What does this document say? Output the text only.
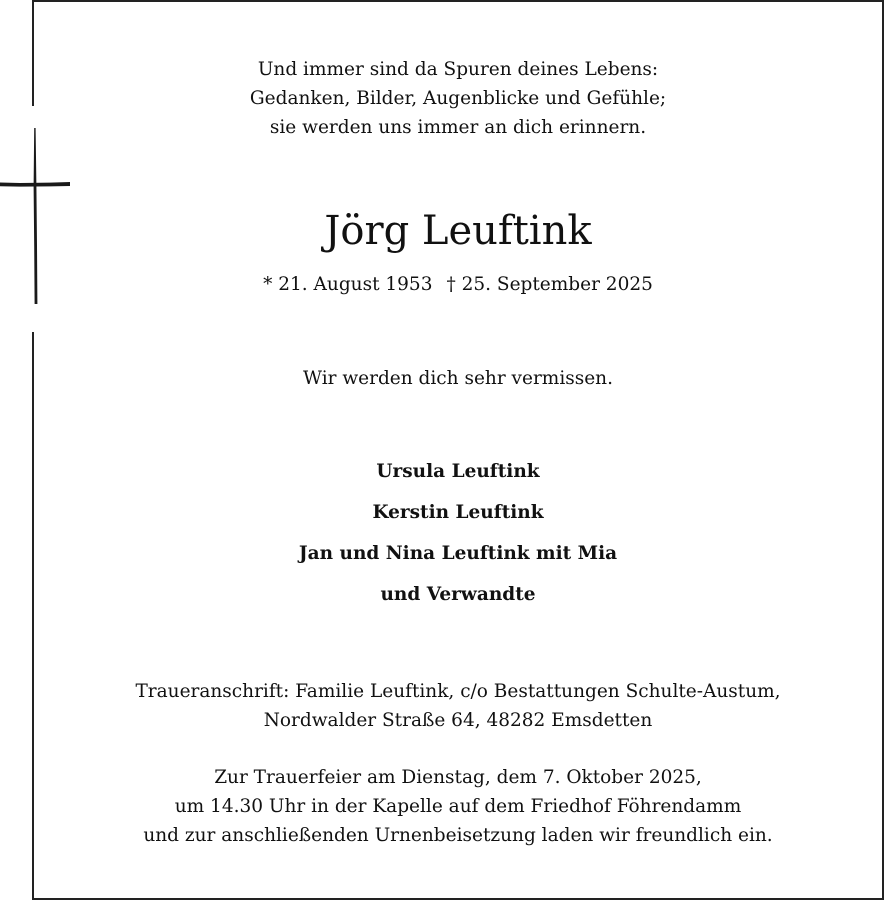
Und immer sind da Spuren deines Lebens:
Gedanken, Bilder, Augenblicke und Gefühle;
sie werden uns immer an dich erinnern.
Jörg Leuftink
* 21. August 1953 † 25. September 2025
Wir werden dich sehr vermissen.
Ursula Leuftink
Kerstin Leuftink
Jan und Nina Leuftink mit Mia
und Verwandte
Traueranschrift: Familie Leuftink, c/o Bestattungen Schulte-Austum,
Nordwalder Straße 64, 48282 Emsdetten
Zur Trauerfeier am Dienstag, dem 7. Oktober 2025,
um 14.30 Uhr in der Kapelle auf dem Friedhof Föhrendamm
und zur anschließenden Urnenbeisetzung laden wir freundlich ein.
